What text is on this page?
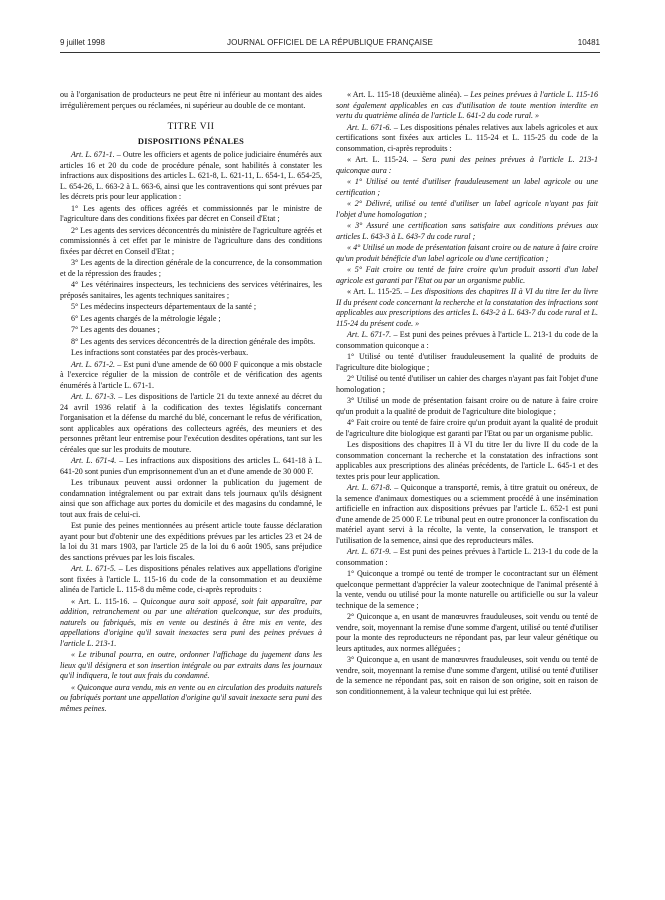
9 juillet 1998	JOURNAL OFFICIEL DE LA RÉPUBLIQUE FRANÇAISE	10481

ou à l'organisation de producteurs ne peut être ni inférieur au montant des aides irrégulièrement perçues ou réclamées, ni supérieur au double de ce montant.

TITRE VII

DISPOSITIONS PÉNALES

Art. L. 671-1. – Outre les officiers et agents de police judiciaire énumérés aux articles 16 et 20 du code de procédure pénale, sont habilités à constater les infractions aux dispositions des articles L. 621-8, L. 621-11, L. 654-1, L. 654-25, L. 654-26, L. 663-2 à L. 663-6, ainsi que les contraventions qui sont prévues par les décrets pris pour leur application :

1° Les agents des offices agréés et commissionnés par le ministre de l'agriculture dans des conditions fixées par décret en Conseil d'Etat ;

2° Les agents des services déconcentrés du ministère de l'agriculture agréés et commissionnés à cet effet par le ministre de l'agriculture dans des conditions fixées par décret en Conseil d'Etat ;

3° Les agents de la direction générale de la concurrence, de la consommation et de la répression des fraudes ;

4° Les vétérinaires inspecteurs, les techniciens des services vétérinaires, les préposés sanitaires, les agents techniques sanitaires ;

5° Les médecins inspecteurs départementaux de la santé ;

6° Les agents chargés de la métrologie légale ;

7° Les agents des douanes ;

8° Les agents des services déconcentrés de la direction générale des impôts.

Les infractions sont constatées par des procès-verbaux.

Art. L. 671-2. – Est puni d'une amende de 60 000 F quiconque a mis obstacle à l'exercice régulier de la mission de contrôle et de vérification des agents énumérés à l'article L. 671-1.

Art. L. 671-3. – Les dispositions de l'article 21 du texte annexé au décret du 24 avril 1936 relatif à la codification des textes législatifs concernant l'organisation et la défense du marché du blé, concernant le refus de vérification, sont applicables aux opérations des collecteurs agréés, des meuniers et des personnes prêtant leur entremise pour l'exécution desdites opérations, tant sur les céréales que sur les produits de mouture.

Art. L. 671-4. – Les infractions aux dispositions des articles L. 641-18 à L. 641-20 sont punies d'un emprisonnement d'un an et d'une amende de 30 000 F.

Les tribunaux peuvent aussi ordonner la publication du jugement de condamnation intégralement ou par extrait dans tels journaux qu'ils désignent ainsi que son affichage aux portes du domicile et des magasins du condamné, le tout aux frais de celui-ci.

Est punie des peines mentionnées au présent article toute fausse déclaration ayant pour but d'obtenir une des expéditions prévues par les articles 23 et 24 de la loi du 31 mars 1903, par l'article 25 de la loi du 6 août 1905, sans préjudice des sanctions prévues par les lois fiscales.

Art. L. 671-5. – Les dispositions pénales relatives aux appellations d'origine sont fixées à l'article L. 115-16 du code de la consommation et au deuxième alinéa de l'article L. 115-8 du même code, ci-après reproduits :

« Art. L. 115-16. – Quiconque aura soit apposé, soit fait apparaître, par addition, retranchement ou par une altération quelconque, sur des produits, naturels ou fabriqués, mis en vente ou destinés à être mis en vente, des appellations d'origine qu'il savait inexactes sera puni des peines prévues à l'article L. 213-1.

« Le tribunal pourra, en outre, ordonner l'affichage du jugement dans les lieux qu'il désignera et son insertion intégrale ou par extraits dans les journaux qu'il indiquera, le tout aux frais du condamné.

« Quiconque aura vendu, mis en vente ou en circulation des produits naturels ou fabriqués portant une appellation d'origine qu'il savait inexacte sera puni des mêmes peines.

« Art. L. 115-18 (deuxième alinéa). – Les peines prévues à l'article L. 115-16 sont également applicables en cas d'utilisation de toute mention interdite en vertu du quatrième alinéa de l'article L. 641-2 du code rural. »

Art. L. 671-6. – Les dispositions pénales relatives aux labels agricoles et aux certifications sont fixées aux articles L. 115-24 et L. 115-25 du code de la consommation, ci-après reproduits :

« Art. L. 115-24. – Sera puni des peines prévues à l'article L. 213-1 quiconque aura :

« 1° Utilisé ou tenté d'utiliser frauduleusement un label agricole ou une certification ;

« 2° Délivré, utilisé ou tenté d'utiliser un label agricole n'ayant pas fait l'objet d'une homologation ;

« 3° Assuré une certification sans satisfaire aux conditions prévues aux articles L. 643-3 à L. 643-7 du code rural ;

« 4° Utilisé un mode de présentation faisant croire ou de nature à faire croire qu'un produit bénéficie d'un label agricole ou d'une certification ;

« 5° Fait croire ou tenté de faire croire qu'un produit assorti d'un label agricole est garanti par l'Etat ou par un organisme public.

« Art. L. 115-25. – Les dispositions des chapitres II à VI du titre Ier du livre II du présent code concernant la recherche et la constatation des infractions sont applicables aux prescriptions des articles L. 643-2 à L. 643-7 du code rural et L. 115-24 du présent code. »

Art. L. 671-7. – Est puni des peines prévues à l'article L. 213-1 du code de la consommation quiconque a :

1° Utilisé ou tenté d'utiliser frauduleusement la qualité de produits de l'agriculture dite biologique ;

2° Utilisé ou tenté d'utiliser un cahier des charges n'ayant pas fait l'objet d'une homologation ;

3° Utilisé un mode de présentation faisant croire ou de nature à faire croire qu'un produit a la qualité de produit de l'agriculture dite biologique ;

4° Fait croire ou tenté de faire croire qu'un produit ayant la qualité de produit de l'agriculture dite biologique est garanti par l'Etat ou par un organisme public.

Les dispositions des chapitres II à VI du titre Ier du livre II du code de la consommation concernant la recherche et la constatation des infractions sont applicables aux prescriptions des alinéas précédents, de l'article L. 645-1 et des textes pris pour leur application.

Art. L. 671-8. – Quiconque a transporté, remis, à titre gratuit ou onéreux, de la semence d'animaux domestiques ou a sciemment procédé à une insémination artificielle en infraction aux dispositions prévues par l'article L. 652-1 est puni d'une amende de 25 000 F. Le tribunal peut en outre prononcer la confiscation du matériel ayant servi à la récolte, la vente, la conservation, le transport et l'utilisation de la semence, ainsi que des reproducteurs mâles.

Art. L. 671-9. – Est puni des peines prévues à l'article L. 213-1 du code de la consommation :

1° Quiconque a trompé ou tenté de tromper le cocontractant sur un élément quelconque permettant d'apprécier la valeur zootechnique de l'animal présenté à la vente, vendu ou utilisé pour la monte naturelle ou artificielle ou sur la valeur technique de la semence ;

2° Quiconque a, en usant de manœuvres frauduleuses, soit vendu ou tenté de vendre, soit, moyennant la remise d'une somme d'argent, utilisé ou tenté d'utiliser pour la monte des reproducteurs ne répondant pas, par leur valeur génétique ou leurs aptitudes, aux normes alléguées ;

3° Quiconque a, en usant de manœuvres frauduleuses, soit vendu ou tenté de vendre, soit, moyennant la remise d'une somme d'argent, utilisé ou tenté d'utiliser de la semence ne répondant pas, soit en raison de son origine, soit en raison de son conditionnement, à la valeur technique qui lui est prêtée.
